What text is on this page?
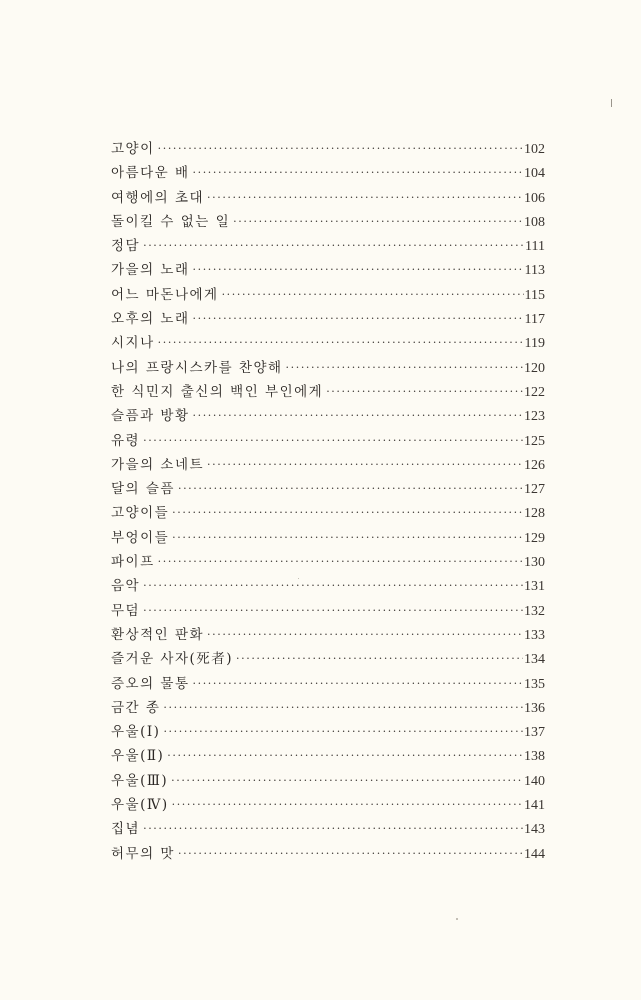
고양이 ·····	102
아름다운 배 ·····	104
여행에의 초대 ·····	106
돌이킬 수 없는 일 ·····	108
정담 ·····	111
가을의 노래 ·····	113
어느 마돈나에게 ·····	115
오후의 노래 ·····	117
시지나 ·····	119
나의 프랑시스카를 찬양해 ·····	120
한 식민지 출신의 백인 부인에게 ·····	122
슬픔과 방황 ·····	123
유령 ·····	125
가을의 소네트 ·····	126
달의 슬픔 ·····	127
고양이들 ·····	128
부엉이들 ·····	129
파이프 ·····	130
음악 ·····	131
무덤 ·····	132
환상적인 판화 ·····	133
즐거운 사자(死者) ·····	134
증오의 물통 ·····	135
금간 종 ·····	136
우울(Ⅰ) ·····	137
우울(Ⅱ) ·····	138
우울(Ⅲ) ·····	140
우울(Ⅳ) ·····	141
집념 ·····	143
허무의 맛 ·····	144
